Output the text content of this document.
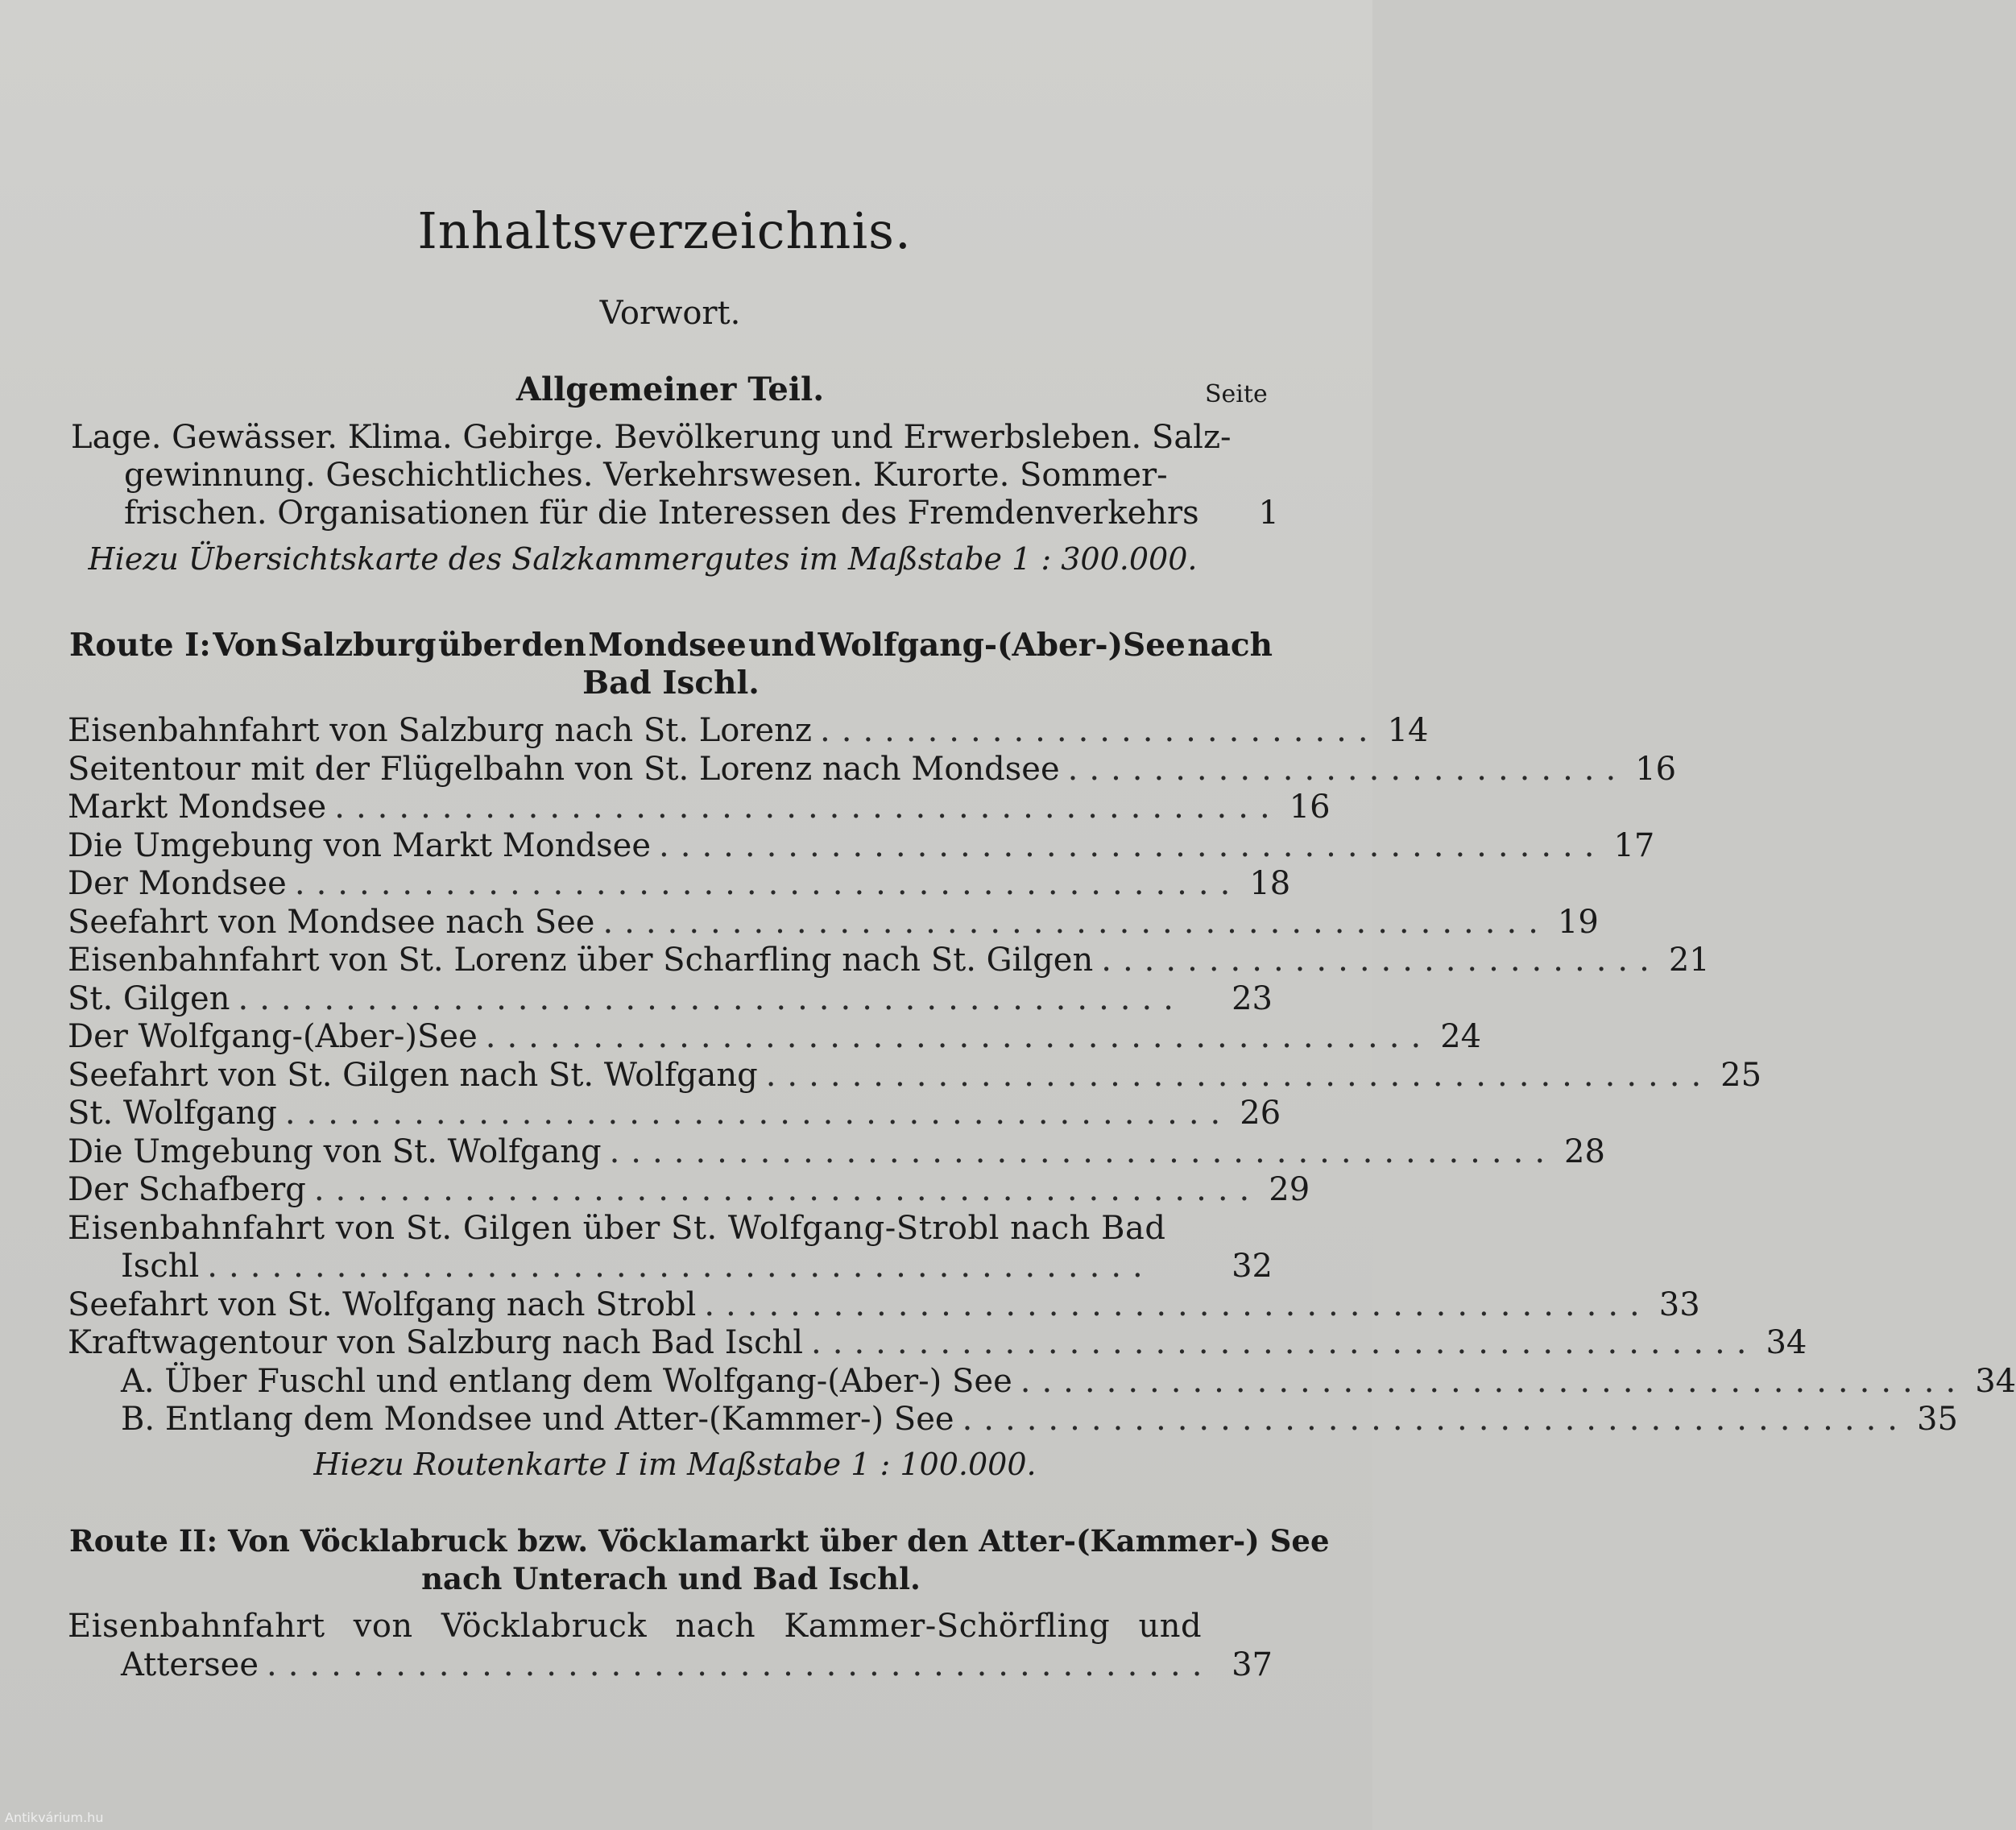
Inhaltsverzeichnis.
Vorwort.
Allgemeiner Teil.	Seite
Lage. Gewässer. Klima. Gebirge. Bevölkerung und Erwerbsleben. Salz-
gewinnung. Geschichtliches. Verkehrswesen. Kurorte. Sommer-
frischen. Organisationen für die Interessen des Fremdenverkehrs 1
Hiezu Übersichtskarte des Salzkammergutes im Maßstabe 1 : 300.000.
Route I: Von Salzburg über den Mondsee und Wolfgang-(Aber-)See nach
Bad Ischl.
Eisenbahnfahrt von Salzburg nach St. Lorenz .......................... 14
Seitentour mit der Flügelbahn von St. Lorenz nach Mondsee .......................... 16
Markt Mondsee ............................................ 16
Die Umgebung von Markt Mondsee ............................................ 17
Der Mondsee ............................................ 18
Seefahrt von Mondsee nach See ............................................ 19
Eisenbahnfahrt von St. Lorenz über Scharfling nach St. Gilgen .......................... 21
St. Gilgen ............................................	23
Der Wolfgang-(Aber-)See ............................................ 24
Seefahrt von St. Gilgen nach St. Wolfgang ............................................ 25
St. Wolfgang ............................................ 26
Die Umgebung von St. Wolfgang ............................................ 28
Der Schafberg ............................................ 29
Eisenbahnfahrt von St. Gilgen über St. Wolfgang-Strobl nach Bad
Ischl ............................................	32
Seefahrt von St. Wolfgang nach Strobl ............................................ 33
Kraftwagentour von Salzburg nach Bad Ischl ............................................ 34
A. Über Fuschl und entlang dem Wolfgang-(Aber-) See ............................................ 34
B. Entlang dem Mondsee und Atter-(Kammer-) See ............................................ 35
Hiezu Routenkarte I im Maßstabe 1 : 100.000.
Route II: Von Vöcklabruck bzw. Vöcklamarkt über den Atter-(Kammer-) See
nach Unterach und Bad Ischl.
Eisenbahnfahrt von Vöcklabruck nach Kammer-Schörfling und
Attersee ............................................ 37
Antikvárium.hu
